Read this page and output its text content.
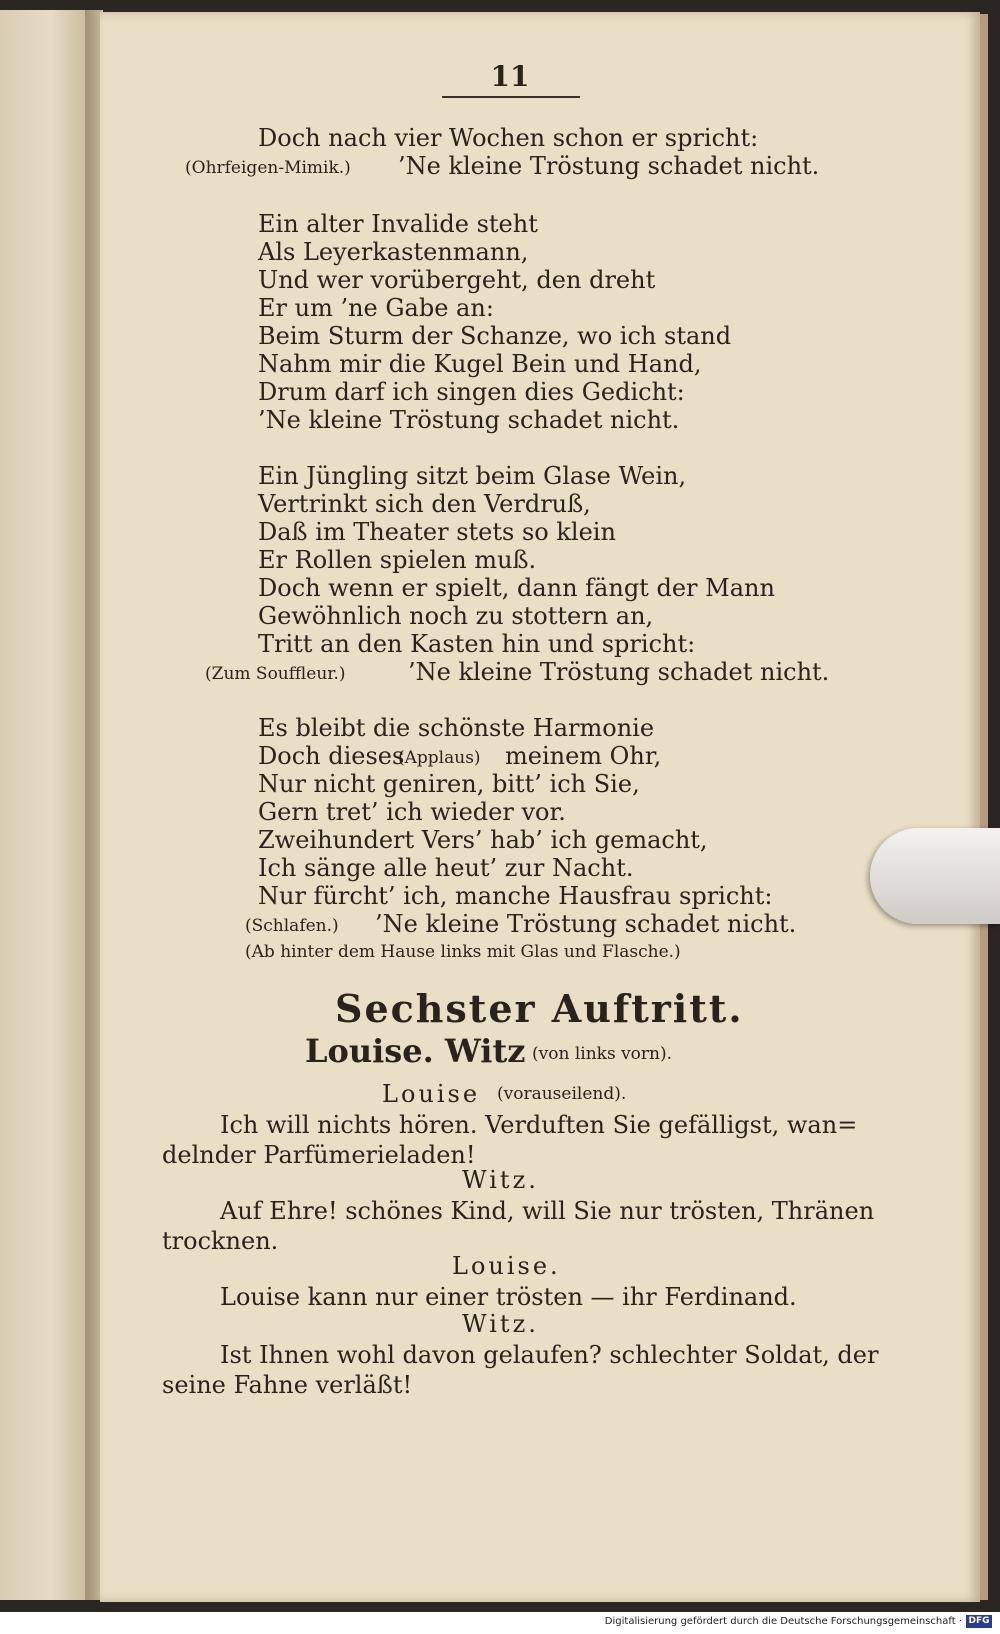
11
Doch nach vier Wochen schon er spricht:
(Ohrfeigen-Mimik.) ’Ne kleine Tröstung schadet nicht.
Ein alter Invalide steht
Als Leyerkastenmann,
Und wer vorübergeht, den dreht
Er um ’ne Gabe an:
Beim Sturm der Schanze, wo ich stand
Nahm mir die Kugel Bein und Hand,
Drum darf ich singen dies Gedicht:
’Ne kleine Tröstung schadet nicht.
Ein Jüngling sitzt beim Glase Wein,
Vertrinkt sich den Verdruß,
Daß im Theater stets so klein
Er Rollen spielen muß.
Doch wenn er spielt, dann fängt der Mann
Gewöhnlich noch zu stottern an,
Tritt an den Kasten hin und spricht:
(Zum Souffleur.)	’Ne kleine Tröstung schadet nicht.
Es bleibt die schönste Harmonie
Doch dieses
(Applaus) meinem Ohr,
Nur nicht geniren, bitt’ ich Sie,
Gern tret’ ich wieder vor.
Zweihundert Vers’ hab’ ich gemacht,
Ich sänge alle heut’ zur Nacht.
Nur fürcht’ ich, manche Hausfrau spricht:
(Schlafen.) ’Ne kleine Tröstung schadet nicht.
(Ab hinter dem Hause links mit Glas und Flasche.)
Sechster Auftritt.
Louise. Witz (von links vorn).
Louise (vorauseilend).
Ich will nichts hören. Verduften Sie gefälligst, wan=
delnder Parfümerieladen!
Witz.
Auf Ehre! schönes Kind, will Sie nur trösten, Thränen
trocknen.
Louise.
Louise kann nur einer trösten — ihr Ferdinand.
Witz.
Ist Ihnen wohl davon gelaufen? schlechter Soldat, der
seine Fahne verläßt!
Digitalisierung gefördert durch die Deutsche Forschungsgemeinschaft · DFG
